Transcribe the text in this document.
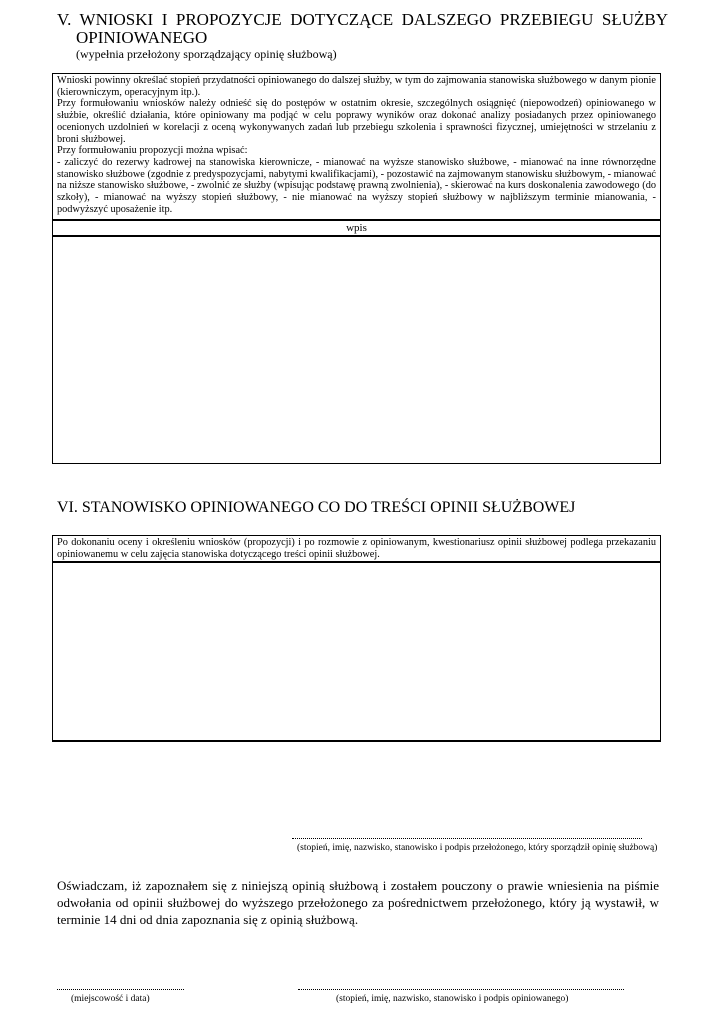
V. WNIOSKI I PROPOZYCJE DOTYCZĄCE DALSZEGO PRZEBIEGU SŁUŻBY
OPINIOWANEGO
(wypełnia przełożony sporządzający opinię służbową)

Wnioski powinny określać stopień przydatności opiniowanego do dalszej służby, w tym do zajmowania stanowiska służbowego w danym pionie (kierowniczym, operacyjnym itp.).

Przy formułowaniu wniosków należy odnieść się do postępów w ostatnim okresie, szczególnych osiągnięć (niepowodzeń) opiniowanego w służbie, określić działania, które opiniowany ma podjąć w celu poprawy wyników oraz dokonać analizy posiadanych przez opiniowanego ocenionych uzdolnień w korelacji z oceną wykonywanych zadań lub przebiegu szkolenia i sprawności fizycznej, umiejętności w strzelaniu z broni służbowej.

Przy formułowaniu propozycji można wpisać:

- zaliczyć do rezerwy kadrowej na stanowiska kierownicze, - mianować na wyższe stanowisko służbowe, - mianować na inne równorzędne stanowisko służbowe (zgodnie z predyspozycjami, nabytymi kwalifikacjami), - pozostawić na zajmowanym stanowisku służbowym, - mianować na niższe stanowisko służbowe, - zwolnić ze służby (wpisując podstawę prawną zwolnienia), - skierować na kurs doskonalenia zawodowego (do szkoły), - mianować na wyższy stopień służbowy, - nie mianować na wyższy stopień służbowy w najbliższym terminie mianowania, - podwyższyć uposażenie itp.

wpis
VI. STANOWISKO OPINIOWANEGO CO DO TREŚCI OPINII SŁUŻBOWEJ
Po dokonaniu oceny i określeniu wniosków (propozycji) i po rozmowie z opiniowanym, kwestionariusz opinii służbowej podlega przekazaniu opiniowanemu w celu zajęcia stanowiska dotyczącego treści opinii służbowej.
(stopień, imię, nazwisko, stanowisko i podpis przełożonego, który sporządził opinię służbową)
Oświadczam, iż zapoznałem się z niniejszą opinią służbową i zostałem pouczony o prawie wniesienia na piśmie odwołania od opinii służbowej do wyższego przełożonego za pośrednictwem przełożonego, który ją wystawił, w terminie 14 dni od dnia zapoznania się z opinią służbową.
(miejscowość i data)	(stopień, imię, nazwisko, stanowisko i podpis opiniowanego)
